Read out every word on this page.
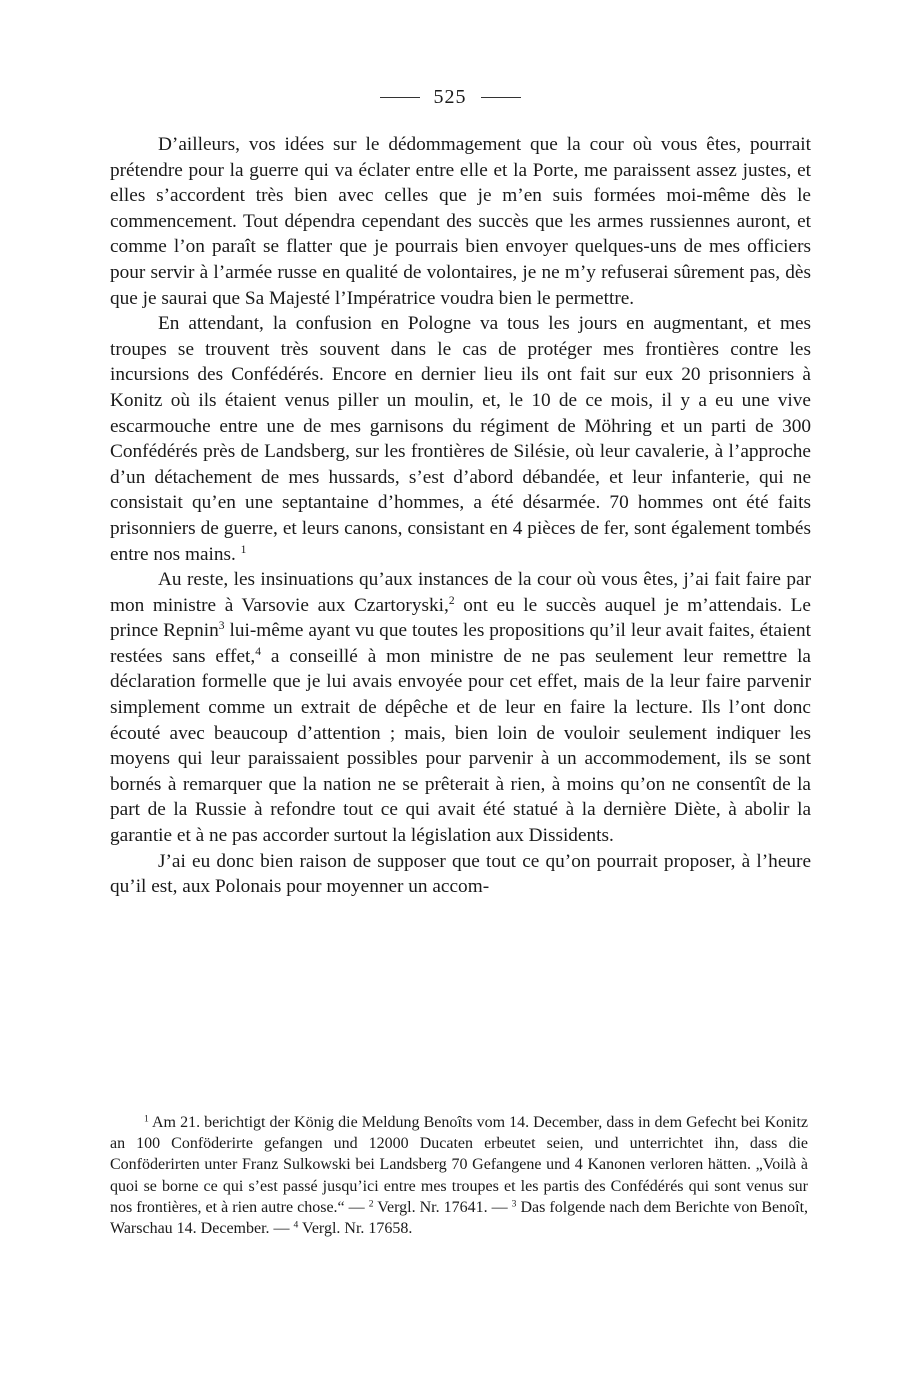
525

D’ailleurs, vos idées sur le dédommagement que la cour où vous êtes, pourrait prétendre pour la guerre qui va éclater entre elle et la Porte, me paraissent assez justes, et elles s’accordent très bien avec celles que je m’en suis formées moi-même dès le commencement. Tout dépendra cependant des succès que les armes russiennes auront, et comme l’on paraît se flatter que je pourrais bien envoyer quelques-uns de mes officiers pour servir à l’armée russe en qualité de volontaires, je ne m’y refuserai sûrement pas, dès que je saurai que Sa Majesté l’Impératrice voudra bien le permettre.

En attendant, la confusion en Pologne va tous les jours en augmentant, et mes troupes se trouvent très souvent dans le cas de protéger mes frontières contre les incursions des Confédérés. Encore en dernier lieu ils ont fait sur eux 20 prisonniers à Konitz où ils étaient venus piller un moulin, et, le 10 de ce mois, il y a eu une vive escarmouche entre une de mes garnisons du régiment de Möhring et un parti de 300 Confédérés près de Landsberg, sur les frontières de Silésie, où leur cavalerie, à l’approche d’un détachement de mes hussards, s’est d’abord débandée, et leur infanterie, qui ne consistait qu’en une septantaine d’hommes, a été désarmée. 70 hommes ont été faits prisonniers de guerre, et leurs canons, consistant en 4 pièces de fer, sont également tombés entre nos mains. $^1$

Au reste, les insinuations qu’aux instances de la cour où vous êtes, j’ai fait faire par mon ministre à Varsovie aux Czartoryski,$^2$ ont eu le succès auquel je m’attendais. Le prince Repnin$^3$ lui-même ayant vu que toutes les propositions qu’il leur avait faites, étaient restées sans effet,$^4$ a conseillé à mon ministre de ne pas seulement leur remettre la déclaration formelle que je lui avais envoyée pour cet effet, mais de la leur faire parvenir simplement comme un extrait de dépêche et de leur en faire la lecture. Ils l’ont donc écouté avec beaucoup d’attention ; mais, bien loin de vouloir seulement indiquer les moyens qui leur paraissaient possibles pour parvenir à un accommodement, ils se sont bornés à remarquer que la nation ne se prêterait à rien, à moins qu’on ne consentît de la part de la Russie à refondre tout ce qui avait été statué à la dernière Diète, à abolir la garantie et à ne pas accorder surtout la législation aux Dissidents.

J’ai eu donc bien raison de supposer que tout ce qu’on pourrait proposer, à l’heure qu’il est, aux Polonais pour moyenner un accom-

$^1$ Am 21. berichtigt der König die Meldung Benoîts vom 14. December, dass in dem Gefecht bei Konitz an 100 Conföderirte gefangen und 12000 Ducaten erbeutet seien, und unterrichtet ihn, dass die Conföderirten unter Franz Sulkowski bei Landsberg 70 Gefangene und 4 Kanonen verloren hätten. „Voilà à quoi se borne ce qui s’est passé jusqu’ici entre mes troupes et les partis des Confédérés qui sont venus sur nos frontières, et à rien autre chose.“ — $^2$ Vergl. Nr. 17641. — $^3$ Das folgende nach dem Berichte von Benoît, Warschau 14. December. — $^4$ Vergl. Nr. 17658.
